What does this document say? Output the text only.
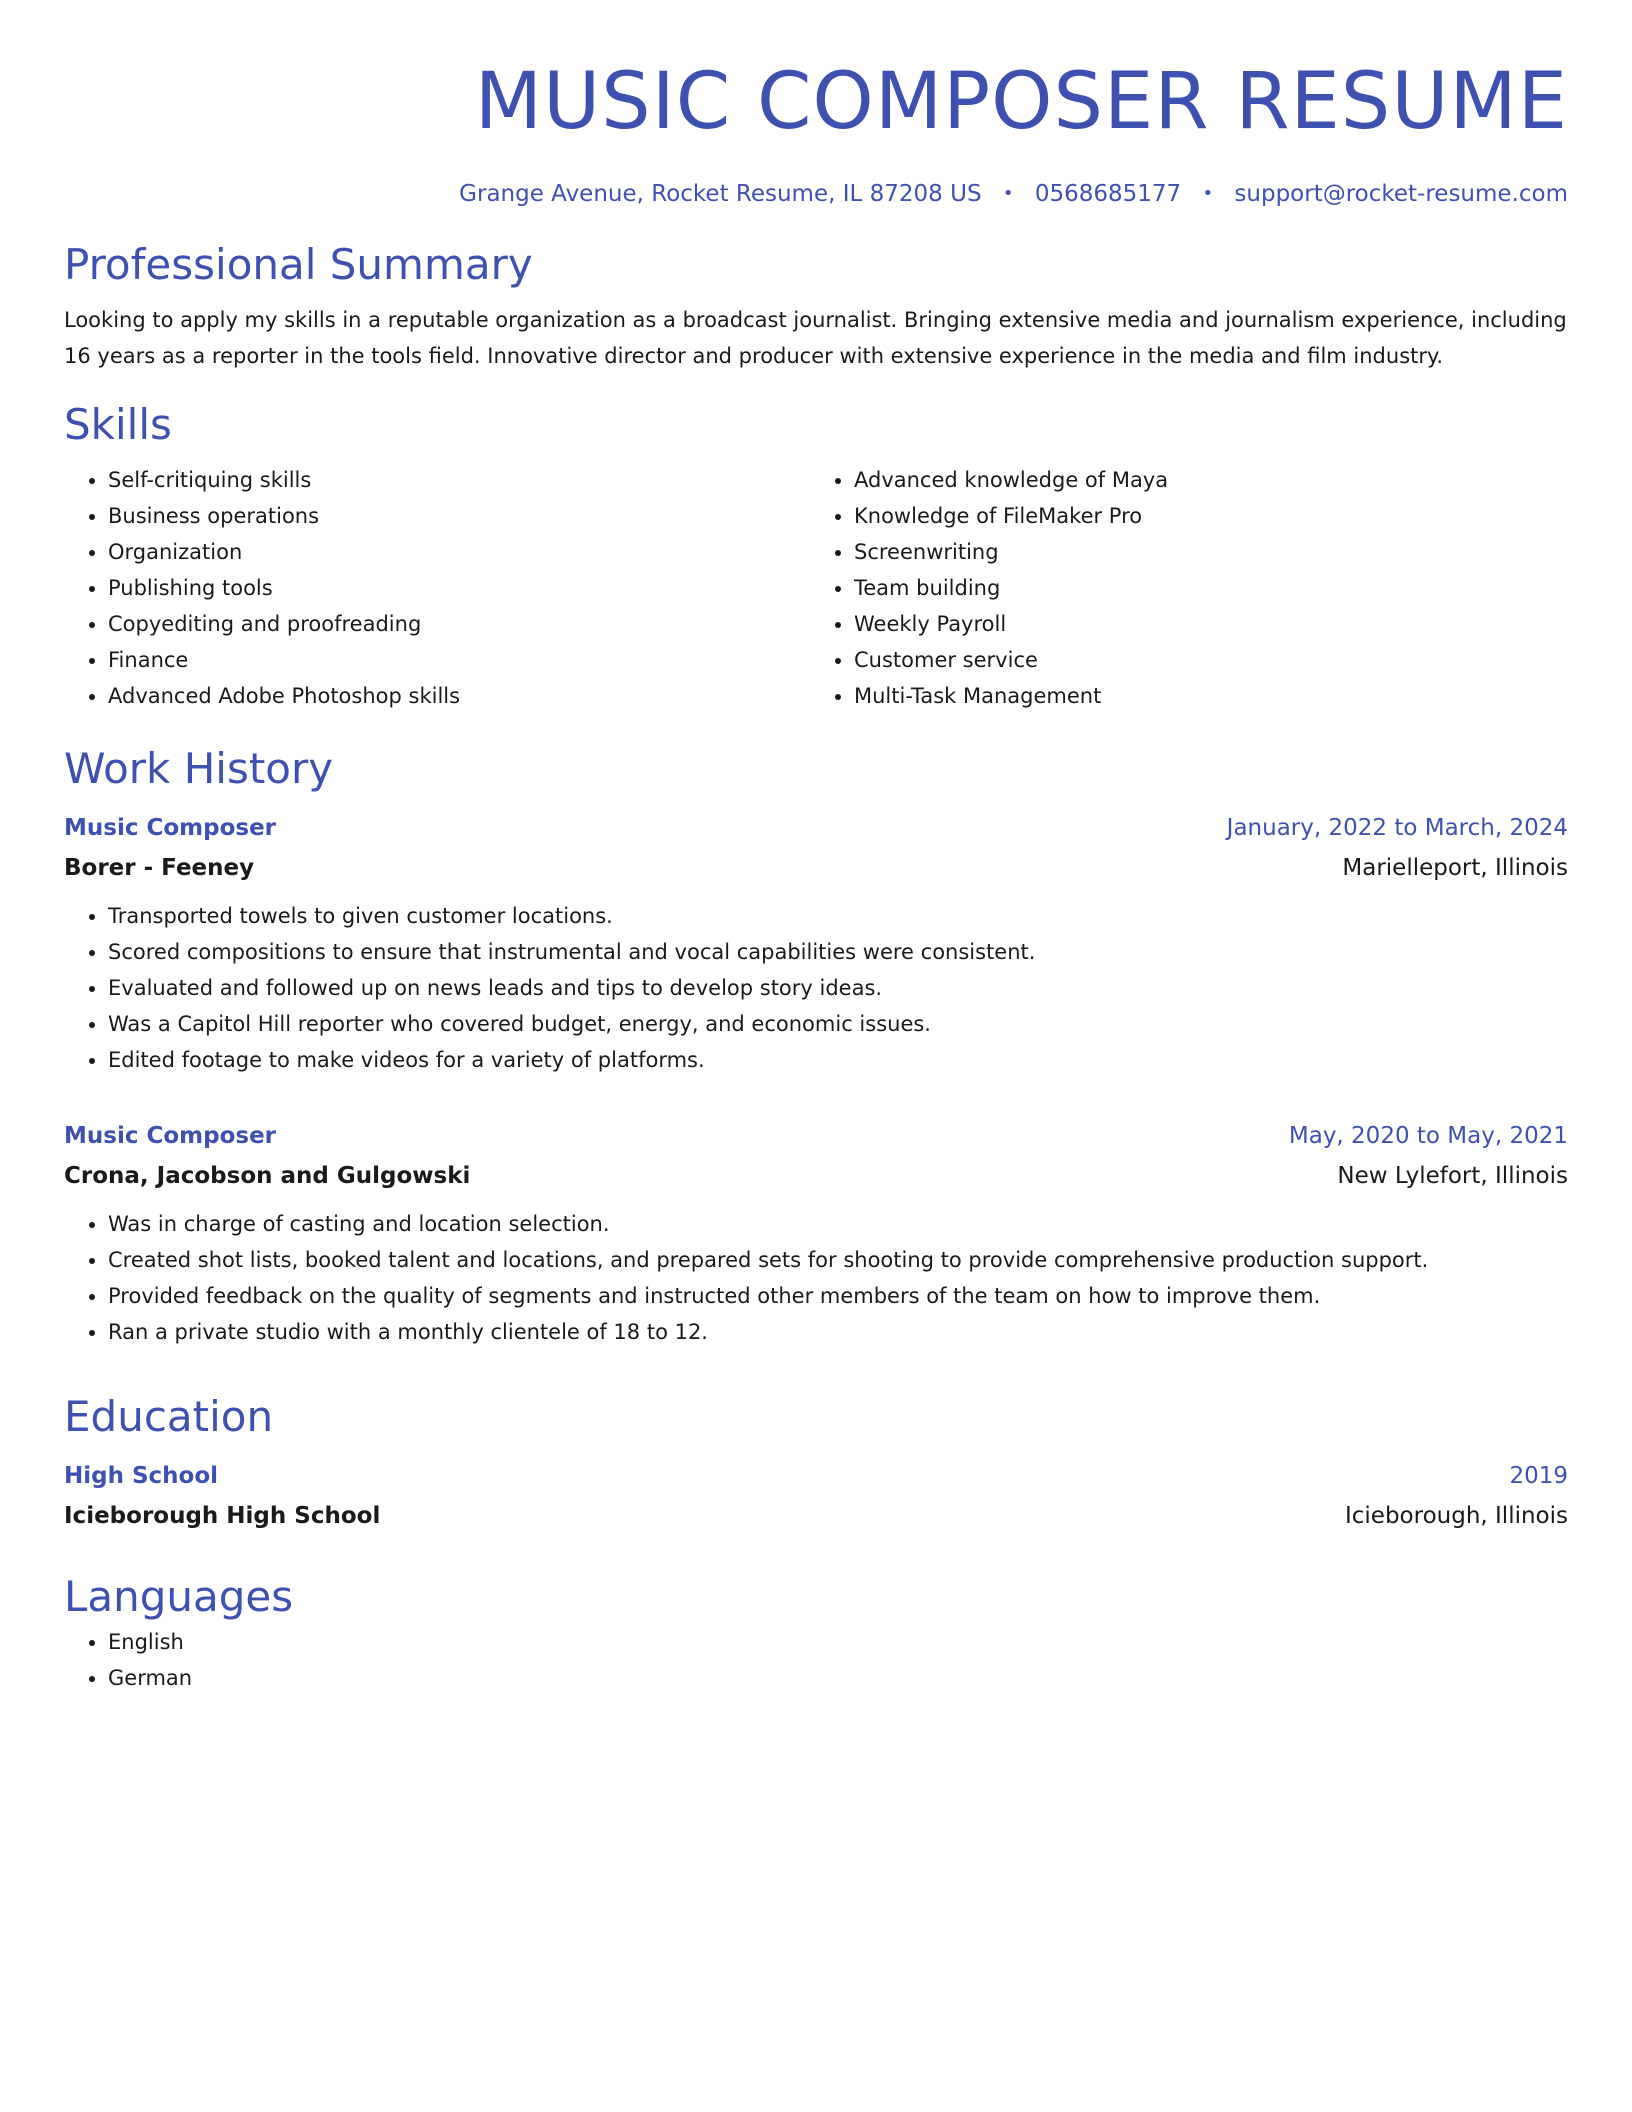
MUSIC COMPOSER RESUME
Grange Avenue, Rocket Resume, IL 87208 US • 0568685177 • support@rocket-resume.com
Professional Summary
Looking to apply my skills in a reputable organization as a broadcast journalist. Bringing extensive media and journalism experience, including 16 years as a reporter in the tools field. Innovative director and producer with extensive experience in the media and film industry.
Skills
• Self-critiquing skills
• Business operations
• Organization
• Publishing tools
• Copyediting and proofreading
• Finance
• Advanced Adobe Photoshop skills
• Advanced knowledge of Maya
• Knowledge of FileMaker Pro
• Screenwriting
• Team building
• Weekly Payroll
• Customer service
• Multi-Task Management
Work History
Music Composer	January, 2022 to March, 2024
Borer - Feeney	Marielleport, Illinois
• Transported towels to given customer locations.
• Scored compositions to ensure that instrumental and vocal capabilities were consistent.
• Evaluated and followed up on news leads and tips to develop story ideas.
• Was a Capitol Hill reporter who covered budget, energy, and economic issues.
• Edited footage to make videos for a variety of platforms.
Music Composer	May, 2020 to May, 2021
Crona, Jacobson and Gulgowski	New Lylefort, Illinois
• Was in charge of casting and location selection.
• Created shot lists, booked talent and locations, and prepared sets for shooting to provide comprehensive production support.
• Provided feedback on the quality of segments and instructed other members of the team on how to improve them.
• Ran a private studio with a monthly clientele of 18 to 12.
Education
High School	2019
Icieborough High School	Icieborough, Illinois
Languages
• English
• German
